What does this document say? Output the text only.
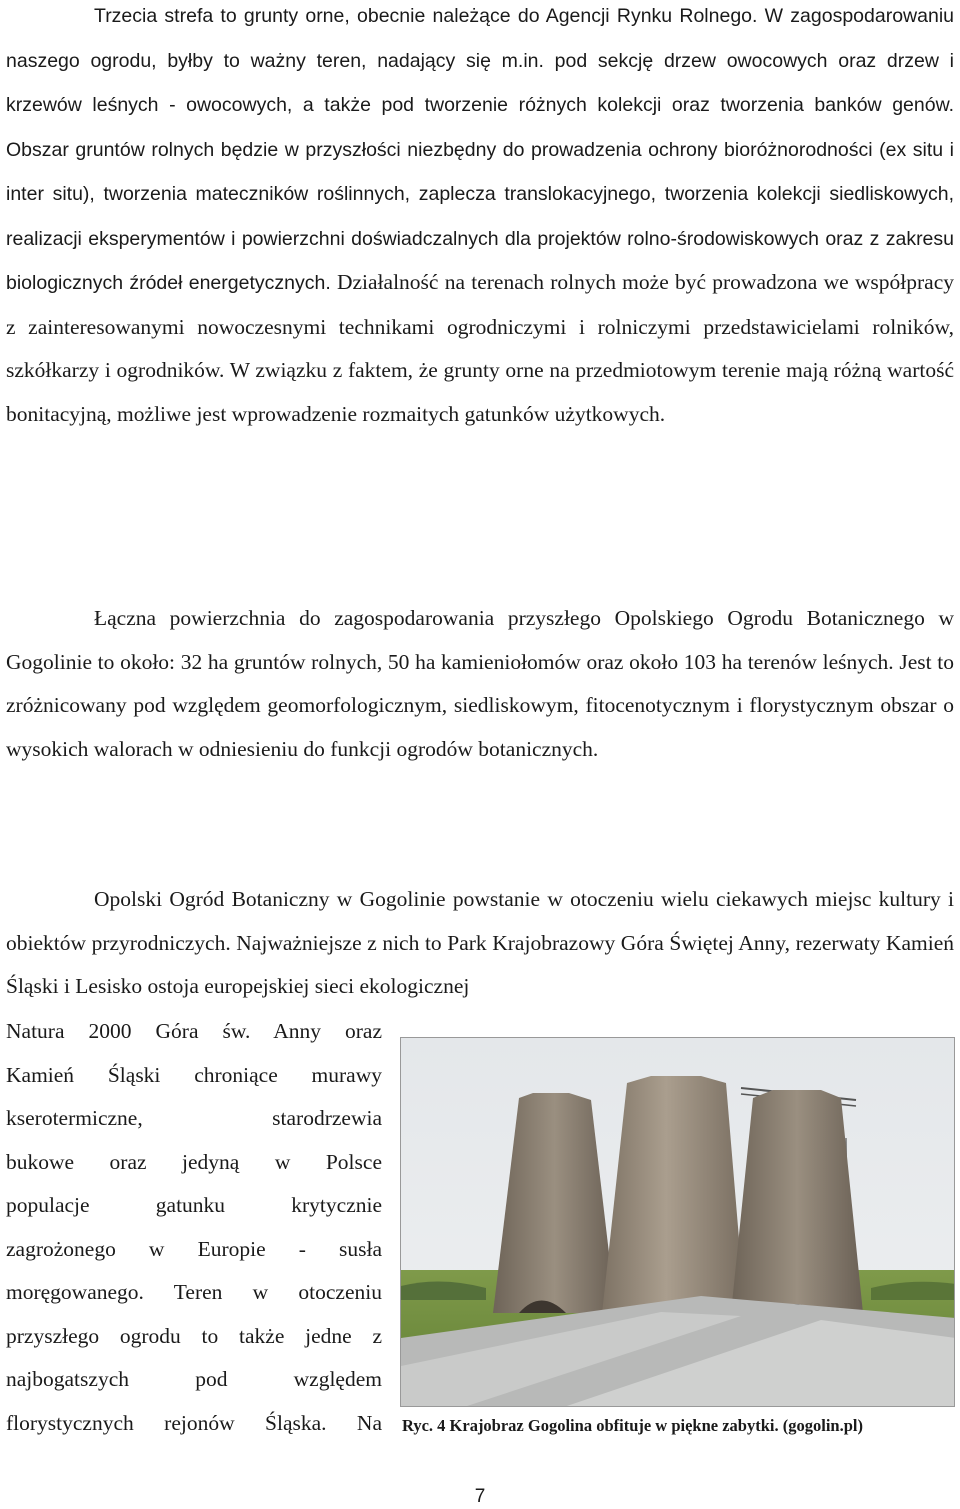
Trzecia strefa to grunty orne, obecnie należące do Agencji Rynku Rolnego. W zagospodarowaniu naszego ogrodu, byłby to ważny teren, nadający się m.in. pod sekcję drzew owocowych oraz drzew i krzewów leśnych - owocowych, a także pod tworzenie różnych kolekcji oraz tworzenia banków genów. Obszar gruntów rolnych będzie w przyszłości niezbędny do prowadzenia ochrony bioróżnorodności (ex situ i inter situ), tworzenia mateczników roślinnych, zaplecza translokacyjnego, tworzenia kolekcji siedliskowych, realizacji eksperymentów i powierzchni doświadczalnych dla projektów rolno-środowiskowych oraz z zakresu biologicznych źródeł energetycznych. Działalność na terenach rolnych może być prowadzona we współpracy z zainteresowanymi nowoczesnymi technikami ogrodniczymi i rolniczymi przedstawicielami rolników, szkółkarzy i ogrodników. W związku z faktem, że grunty orne na przedmiotowym terenie mają różną wartość bonitacyjną, możliwe jest wprowadzenie rozmaitych gatunków użytkowych.

Łączna powierzchnia do zagospodarowania przyszłego Opolskiego Ogrodu Botanicznego w Gogolinie to około: 32 ha gruntów rolnych, 50 ha kamieniołomów oraz około 103 ha terenów leśnych. Jest to zróżnicowany pod względem geomorfologicznym, siedliskowym, fitocenotycznym i florystycznym obszar o wysokich walorach w odniesieniu do funkcji ogrodów botanicznych.

Opolski Ogród Botaniczny w Gogolinie powstanie w otoczeniu wielu ciekawych miejsc kultury i obiektów przyrodniczych. Najważniejsze z nich to Park Krajobrazowy Góra Świętej Anny, rezerwaty Kamień Śląski i Lesisko ostoja europejskiej sieci ekologicznej

Natura 2000 Góra św. Anny oraz
Kamień Śląski chroniące murawy
kserotermiczne, starodrzewia
bukowe oraz jedyną w Polsce
populacje gatunku krytycznie
zagrożonego w Europie - susła
moręgowanego. Teren w otoczeniu
przyszłego ogrodu to także jedne z
najbogatszych pod względem
florystycznych rejonów Śląska. Na Ryc. 4 Krajobraz Gogolina obfituje w piękne zabytki. (gogolin.pl)
7
